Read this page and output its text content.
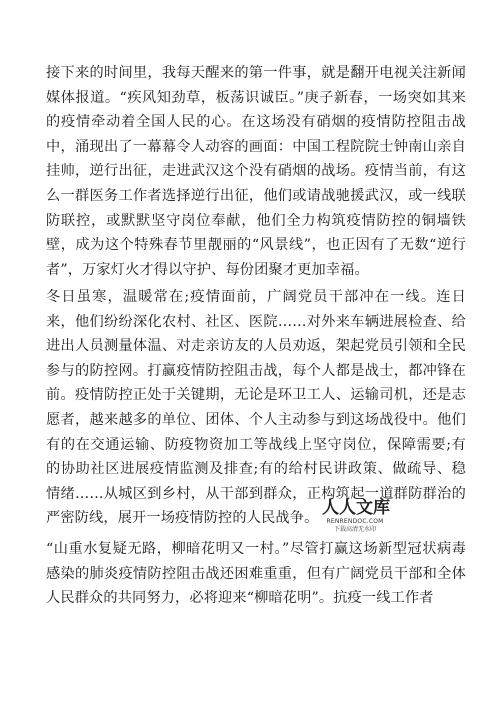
接下来的时间里，我每天醒来的第一件事，就是翻开电视关注新闻媒体报道。“疾风知劲草，板荡识诚臣。”庚子新春，一场突如其来的疫情牵动着全国人民的心。在这场没有硝烟的疫情防控阻击战中，涌现出了一幕幕令人动容的画面：中国工程院院士钟南山亲自挂帅，逆行出征，走进武汉这个没有硝烟的战场。疫情当前，有这么一群医务工作者选择逆行出征，他们或请战驰援武汉，或一线联防联控，或默默坚守岗位奉献，他们全力构筑疫情防控的铜墙铁壁，成为这个特殊春节里靓丽的“风景线”，也正因有了无数“逆行者”，万家灯火才得以守护、每份团聚才更加幸福。

冬日虽寒，温暖常在;疫情面前，广阔党员干部冲在一线。连日来，他们纷纷深化农村、社区、医院……对外来车辆进展检查、给进出人员测量体温、对走亲访友的人员劝返，架起党员引领和全民参与的防控网。打赢疫情防控阻击战，每个人都是战士，都冲锋在前。疫情防控正处于关键期，无论是环卫工人、运输司机，还是志愿者，越来越多的单位、团体、个人主动参与到这场战役中。他们有的在交通运输、防疫物资加工等战线上坚守岗位，保障需要;有的协助社区进展疫情监测及排查;有的给村民讲政策、做疏导、稳情绪……从城区到乡村，从干部到群众，正构筑起一道群防群治的严密防线，展开一场疫情防控的人民战争。

“山重水复疑无路，柳暗花明又一村。”尽管打赢这场新型冠状病毒感染的肺炎疫情防控阻击战还困难重重，但有广阔党员干部和全体人民群众的共同努力，必将迎来“柳暗花明”。抗疫一线工作者

人人文库
RENRENDOC.COM
下载高清无水印
